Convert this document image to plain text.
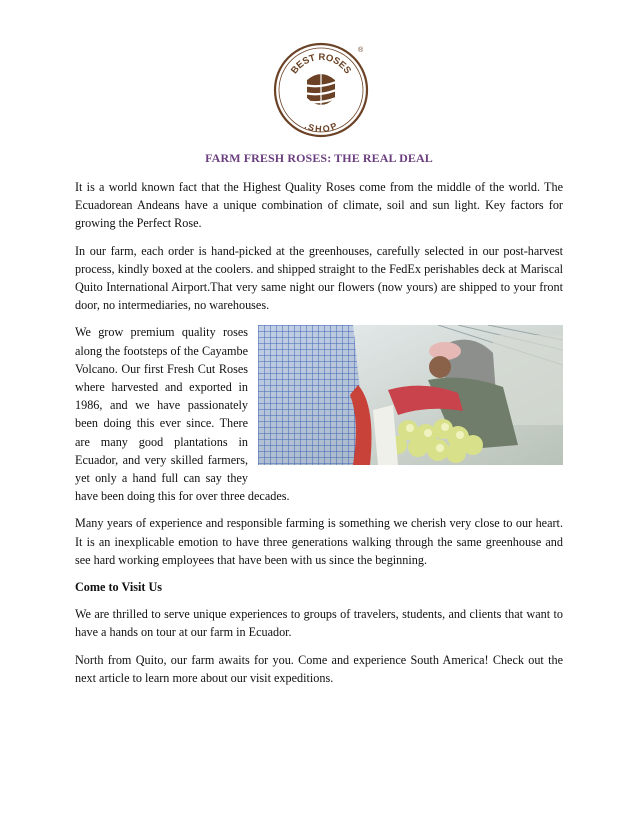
BEST ROSES
.SHOP
®
FARM FRESH ROSES: THE REAL DEAL

It is a world known fact that the Highest Quality Roses come from the middle of the world. The Ecuadorean Andeans have a unique combination of climate, soil and sun light. Key factors for growing the Perfect Rose.

In our farm, each order is hand-picked at the greenhouses, carefully selected in our post-harvest process, kindly boxed at the coolers. and shipped straight to the FedEx perishables deck at Mariscal Quito International Airport.That very same night our flowers (now yours) are shipped to your front door, no intermediaries, no warehouses.

We grow premium quality roses along the footsteps of the Cayambe Volcano. Our first Fresh Cut Roses where harvested and exported in 1986, and we have passionately been doing this ever since. There are many good plantations in Ecuador, and very skilled farmers, yet only a hand full can say they have been doing this for over three decades.

Many years of experience and responsible farming is something we cherish very close to our heart. It is an inexplicable emotion to have three generations walking through the same greenhouse and see hard working employees that have been with us since the beginning.

Come to Visit Us

We are thrilled to serve unique experiences to groups of travelers, students, and clients that want to have a hands on tour at our farm in Ecuador.

North from Quito, our farm awaits for you. Come and experience South America! Check out the next article to learn more about our visit expeditions.
